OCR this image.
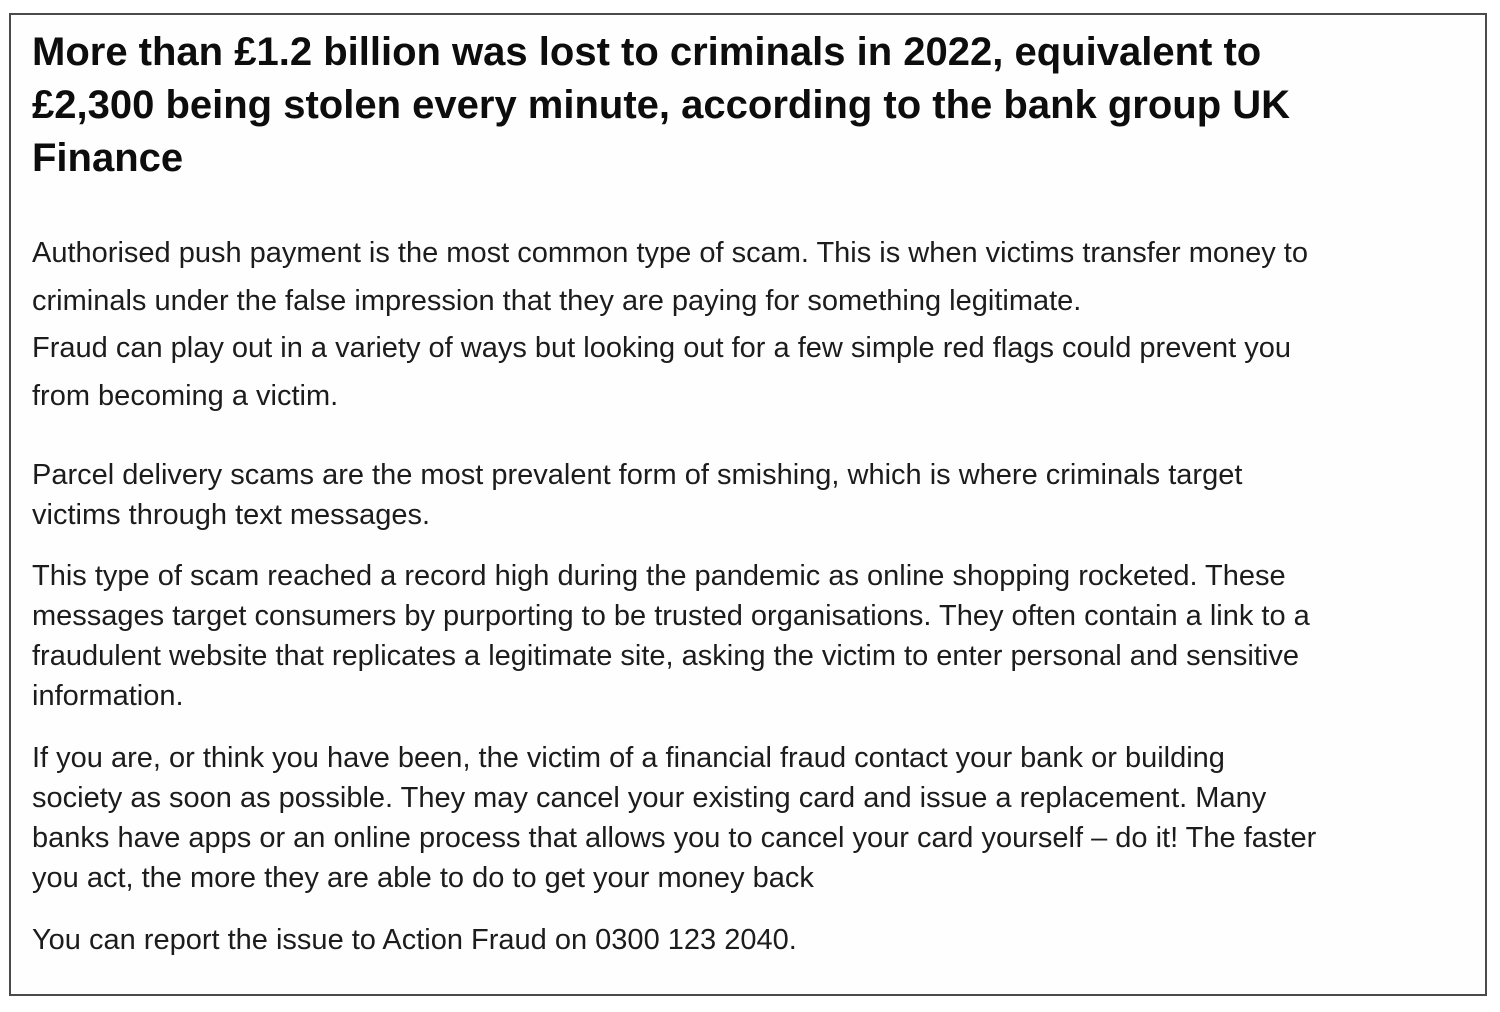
More than £1.2 billion was lost to criminals in 2022, equivalent to
£2,300 being stolen every minute, according to the bank group UK
Finance

Authorised push payment is the most common type of scam. This is when victims transfer money to
criminals under the false impression that they are paying for something legitimate.
Fraud can play out in a variety of ways but looking out for a few simple red flags could prevent you
from becoming a victim.

Parcel delivery scams are the most prevalent form of smishing, which is where criminals target
victims through text messages.

This type of scam reached a record high during the pandemic as online shopping rocketed. These
messages target consumers by purporting to be trusted organisations. They often contain a link to a
fraudulent website that replicates a legitimate site, asking the victim to enter personal and sensitive
information.

If you are, or think you have been, the victim of a financial fraud contact your bank or building
society as soon as possible. They may cancel your existing card and issue a replacement. Many
banks have apps or an online process that allows you to cancel your card yourself – do it! The faster
you act, the more they are able to do to get your money back

You can report the issue to Action Fraud on 0300 123 2040.
